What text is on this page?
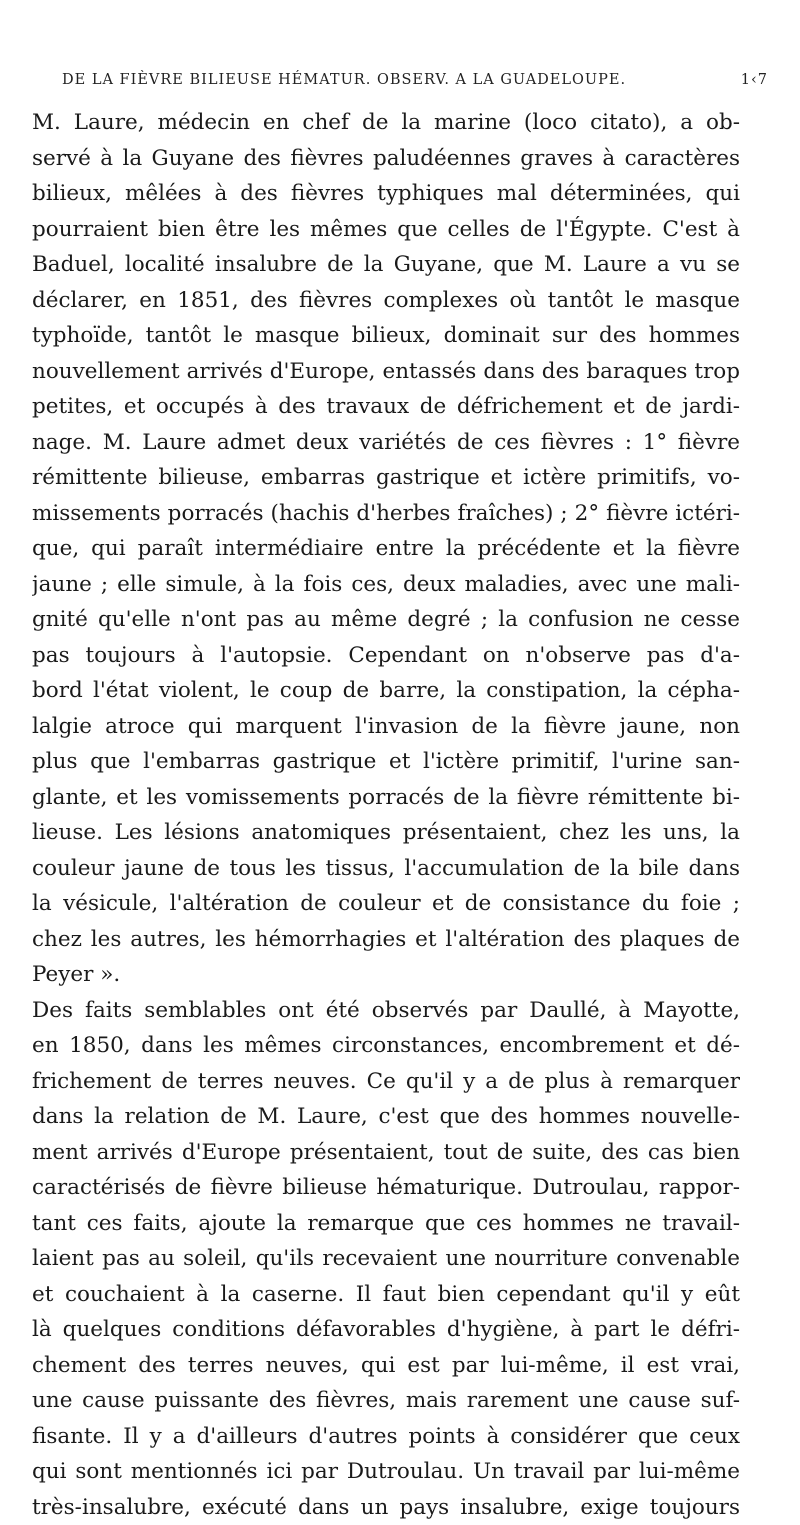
DE LA FIÈVRE BILIEUSE HÉMATUR. OBSERV. A LA GUADELOUPE.	1‹7
M. Laure, médecin en chef de la marine (loco citato), a ob-
servé à la Guyane des fièvres paludéennes graves à caractères
bilieux, mêlées à des fièvres typhiques mal déterminées, qui
pourraient bien être les mêmes que celles de l'Égypte. C'est à
Baduel, localité insalubre de la Guyane, que M. Laure a vu se
déclarer, en 1851, des fièvres complexes où tantôt le masque
typhoïde, tantôt le masque bilieux, dominait sur des hommes
nouvellement arrivés d'Europe, entassés dans des baraques trop
petites, et occupés à des travaux de défrichement et de jardi-
nage. M. Laure admet deux variétés de ces fièvres : 1° fièvre
rémittente bilieuse, embarras gastrique et ictère primitifs, vo-
missements porracés (hachis d'herbes fraîches) ; 2° fièvre ictéri-
que, qui paraît intermédiaire entre la précédente et la fièvre
jaune ; elle simule, à la fois ces, deux maladies, avec une mali-
gnité qu'elle n'ont pas au même degré ; la confusion ne cesse
pas toujours à l'autopsie. Cependant on n'observe pas d'a-
bord l'état violent, le coup de barre, la constipation, la cépha-
lalgie atroce qui marquent l'invasion de la fièvre jaune, non
plus que l'embarras gastrique et l'ictère primitif, l'urine san-
glante, et les vomissements porracés de la fièvre rémittente bi-
lieuse. Les lésions anatomiques présentaient, chez les uns, la
couleur jaune de tous les tissus, l'accumulation de la bile dans
la vésicule, l'altération de couleur et de consistance du foie ;
chez les autres, les hémorrhagies et l'altération des plaques de
Peyer ».
Des faits semblables ont été observés par Daullé, à Mayotte,
en 1850, dans les mêmes circonstances, encombrement et dé-
frichement de terres neuves. Ce qu'il y a de plus à remarquer
dans la relation de M. Laure, c'est que des hommes nouvelle-
ment arrivés d'Europe présentaient, tout de suite, des cas bien
caractérisés de fièvre bilieuse hématurique. Dutroulau, rappor-
tant ces faits, ajoute la remarque que ces hommes ne travail-
laient pas au soleil, qu'ils recevaient une nourriture convenable
et couchaient à la caserne. Il faut bien cependant qu'il y eût
là quelques conditions défavorables d'hygiène, à part le défri-
chement des terres neuves, qui est par lui-même, il est vrai,
une cause puissante des fièvres, mais rarement une cause suf-
fisante. Il y a d'ailleurs d'autres points à considérer que ceux
qui sont mentionnés ici par Dutroulau. Un travail par lui-même
très-insalubre, exécuté dans un pays insalubre, exige toujours
